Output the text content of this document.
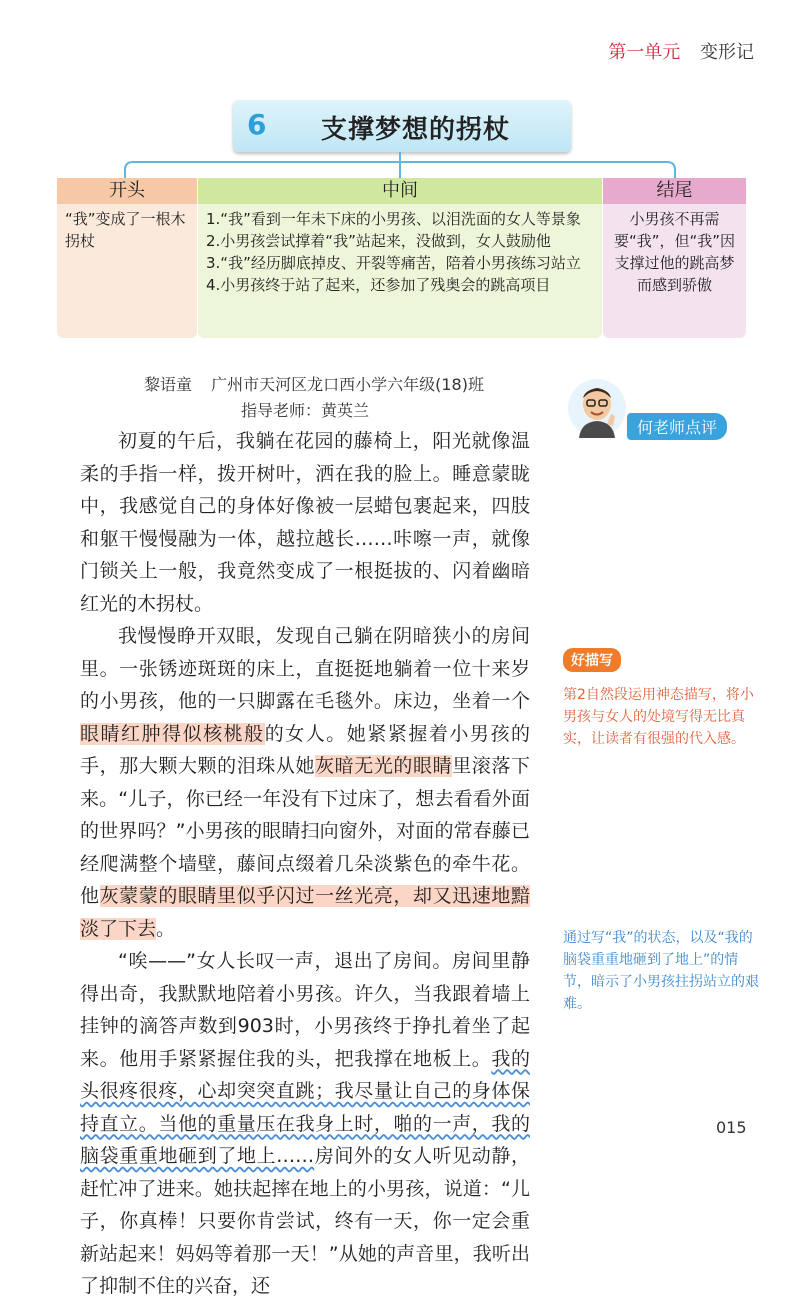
第一单元 变形记
6 支撑梦想的拐杖
开头
“我”变成了一根木拐杖
中间

1.“我”看到一年未下床的小男孩、以泪洗面的女人等景象

2.小男孩尝试撑着“我”站起来，没做到，女人鼓励他

3.“我”经历脚底掉皮、开裂等痛苦，陪着小男孩练习站立

4.小男孩终于站了起来，还参加了残奥会的跳高项目

结尾
小男孩不再需要“我”，但“我”因支撑过他的跳高梦而感到骄傲
黎语童 广州市天河区龙口西小学六年级(18)班
指导老师：黄英兰
何老师点评

初夏的午后，我躺在花园的藤椅上，阳光就像温柔的手指一样，拨开树叶，洒在我的脸上。睡意蒙眬中，我感觉自己的身体好像被一层蜡包裹起来，四肢和躯干慢慢融为一体，越拉越长……咔嚓一声，就像门锁关上一般，我竟然变成了一根挺拔的、闪着幽暗红光的木拐杖。

我慢慢睁开双眼，发现自己躺在阴暗狭小的房间里。一张锈迹斑斑的床上，直挺挺地躺着一位十来岁的小男孩，他的一只脚露在毛毯外。床边，坐着一个眼睛红肿得似核桃般的女人。她紧紧握着小男孩的手，那大颗大颗的泪珠从她灰暗无光的眼睛里滚落下来。“儿子，你已经一年没有下过床了，想去看看外面的世界吗？”小男孩的眼睛扫向窗外，对面的常春藤已经爬满整个墙壁，藤间点缀着几朵淡紫色的牵牛花。他灰蒙蒙的眼睛里似乎闪过一丝光亮，却又迅速地黯淡了下去。

“唉——”女人长叹一声，退出了房间。房间里静得出奇，我默默地陪着小男孩。许久，当我跟着墙上挂钟的滴答声数到903时，小男孩终于挣扎着坐了起来。他用手紧紧握住我的头，把我撑在地板上。我的头很疼很疼，心却突突直跳；我尽量让自己的身体保持直立。当他的重量压在我身上时，啪的一声，我的脑袋重重地砸到了地上……房间外的女人听见动静，赶忙冲了进来。她扶起摔在地上的小男孩，说道：“儿子，你真棒！只要你肯尝试，终有一天，你一定会重新站起来！妈妈等着那一天！”从她的声音里，我听出了抑制不住的兴奋，还

好描写
第2自然段运用神态描写，将小男孩与女人的处境写得无比真实，让读者有很强的代入感。
通过写“我”的状态，以及“我的脑袋重重地砸到了地上”的情节，暗示了小男孩拄拐站立的艰难。
015
